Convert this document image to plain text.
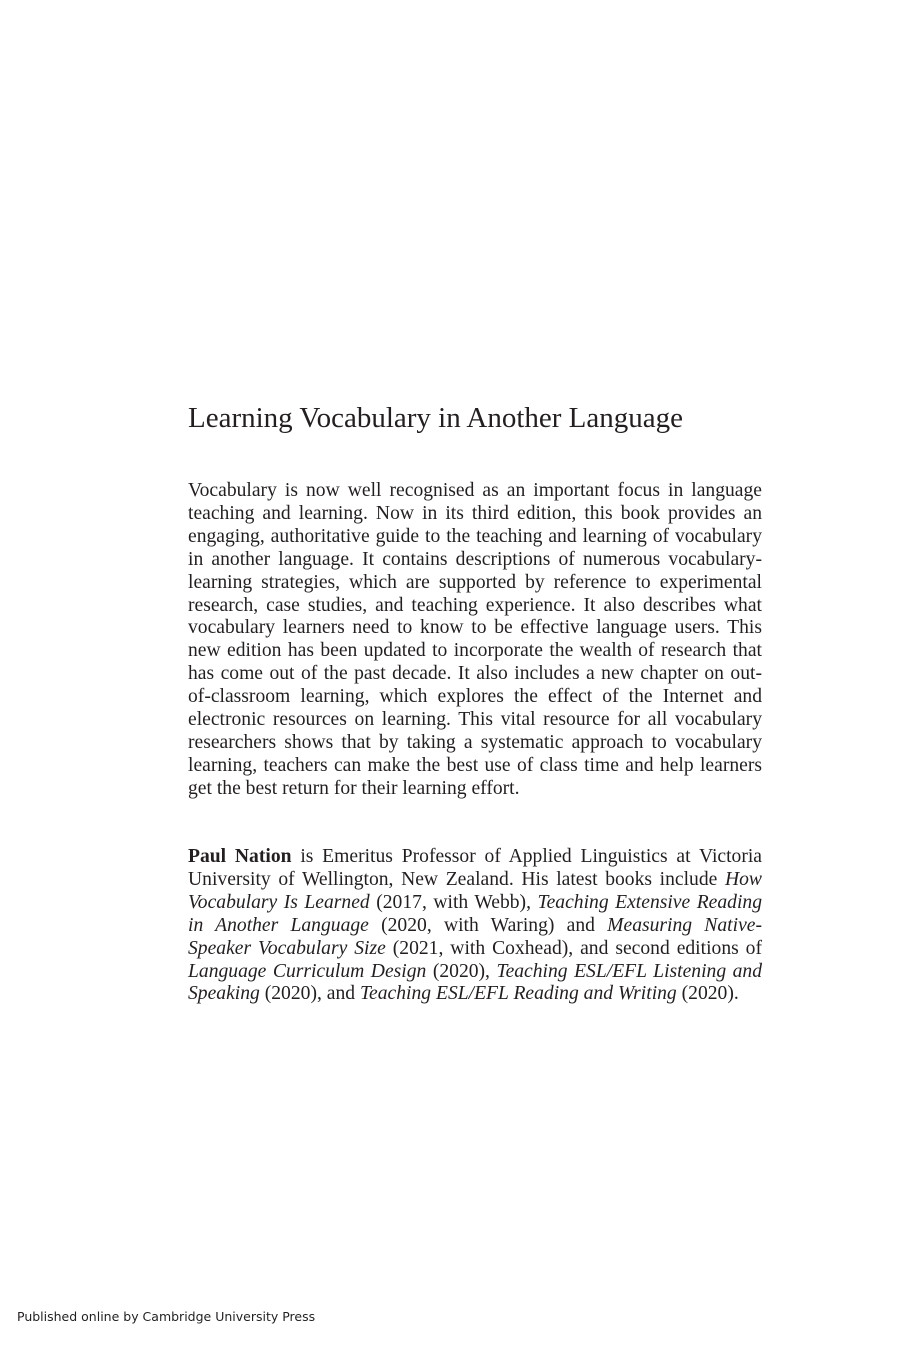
Learning Vocabulary in Another Language

Vocabulary is now well recognised as an important focus in language teaching and learning. Now in its third edition, this book provides an engaging, authoritative guide to the teaching and learning of vocabulary in another language. It contains descriptions of numerous vocabulary-learning strategies, which are supported by reference to experimental research, case studies, and teaching experience. It also describes what vocabulary learners need to know to be effective language users. This new edition has been updated to incorporate the wealth of research that has come out of the past decade. It also includes a new chapter on out-of-classroom learning, which explores the effect of the Internet and electronic resources on learning. This vital resource for all vocabulary researchers shows that by taking a systematic approach to vocabulary learning, teachers can make the best use of class time and help learners get the best return for their learning effort.

Paul Nation is Emeritus Professor of Applied Linguistics at Victoria University of Wellington, New Zealand. His latest books include How Vocabulary Is Learned (2017, with Webb), Teaching Extensive Reading in Another Language (2020, with Waring) and Measuring Native-Speaker Vocabulary Size (2021, with Coxhead), and second editions of Language Curriculum Design (2020), Teaching ESL/EFL Listening and Speaking (2020), and Teaching ESL/EFL Reading and Writing (2020).

Published online by Cambridge University Press
